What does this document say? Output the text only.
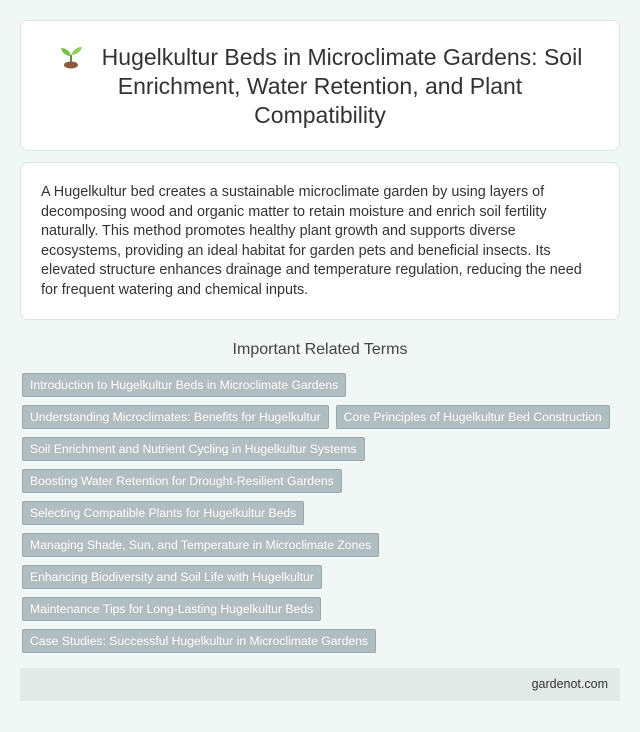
Hugelkultur Beds in Microclimate Gardens: Soil Enrichment, Water Retention, and Plant Compatibility

A Hugelkultur bed creates a sustainable microclimate garden by using layers of decomposing wood and organic matter to retain moisture and enrich soil fertility naturally. This method promotes healthy plant growth and supports diverse ecosystems, providing an ideal habitat for garden pets and beneficial insects. Its elevated structure enhances drainage and temperature regulation, reducing the need for frequent watering and chemical inputs.

Important Related Terms
Introduction to Hugelkultur Beds in Microclimate Gardens
Understanding Microclimates: Benefits for Hugelkultur Core Principles of Hugelkultur Bed Construction
Soil Enrichment and Nutrient Cycling in Hugelkultur Systems
Boosting Water Retention for Drought-Resilient Gardens
Selecting Compatible Plants for Hugelkultur Beds
Managing Shade, Sun, and Temperature in Microclimate Zones
Enhancing Biodiversity and Soil Life with Hugelkultur
Maintenance Tips for Long-Lasting Hugelkultur Beds
Case Studies: Successful Hugelkultur in Microclimate Gardens
gardenot.com
